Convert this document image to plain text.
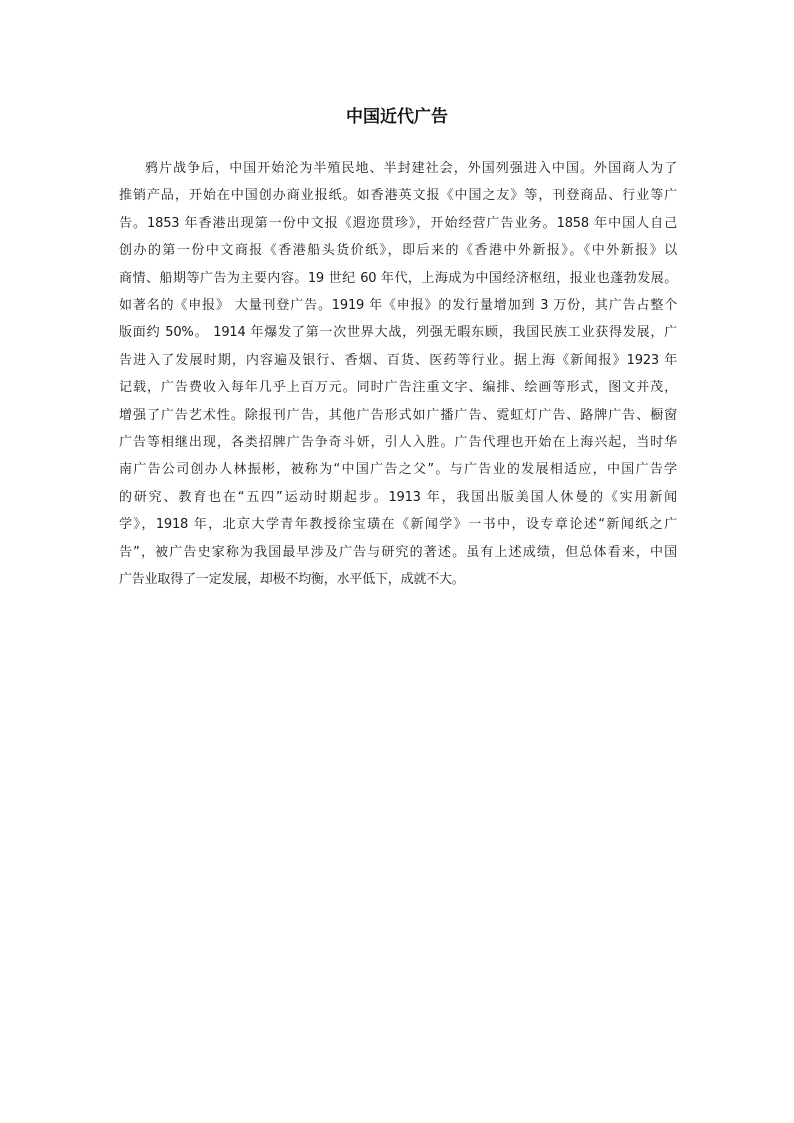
中国近代广告
鸦片战争后，中国开始沦为半殖民地、半封建社会，外国列强进入中国。外国商人为了
推销产品，开始在中国创办商业报纸。如香港英文报《中国之友》等，刊登商品、行业等广
告。1853 年香港出现第一份中文报《遐迩贯珍》，开始经营广告业务。1858 年中国人自己
创办的第一份中文商报《香港船头货价纸》，即后来的《香港中外新报》。《中外新报》以
商情、船期等广告为主要内容。19 世纪 60 年代，上海成为中国经济枢纽，报业也蓬勃发展。
如著名的《申报》 大量刊登广告。1919 年《申报》的发行量增加到 3 万份，其广告占整个
版面约 50%。 1914 年爆发了第一次世界大战，列强无暇东顾，我国民族工业获得发展，广
告进入了发展时期，内容遍及银行、香烟、百货、医药等行业。据上海《新闻报》1923 年
记载，广告费收入每年几乎上百万元。同时广告注重文字、编排、绘画等形式，图文并茂，
增强了广告艺术性。除报刊广告，其他广告形式如广播广告、霓虹灯广告、路牌广告、橱窗
广告等相继出现，各类招牌广告争奇斗妍，引人入胜。广告代理也开始在上海兴起，当时华
南广告公司创办人林振彬，被称为“中国广告之父”。与广告业的发展相适应，中国广告学
的研究、教育也在“五四”运动时期起步。1913 年，我国出版美国人休曼的《实用新闻
学》，1918 年，北京大学青年教授徐宝璜在《新闻学》一书中，设专章论述“新闻纸之广
告”，被广告史家称为我国最早涉及广告与研究的著述。虽有上述成绩，但总体看来，中国
广告业取得了一定发展，却极不均衡，水平低下，成就不大。
